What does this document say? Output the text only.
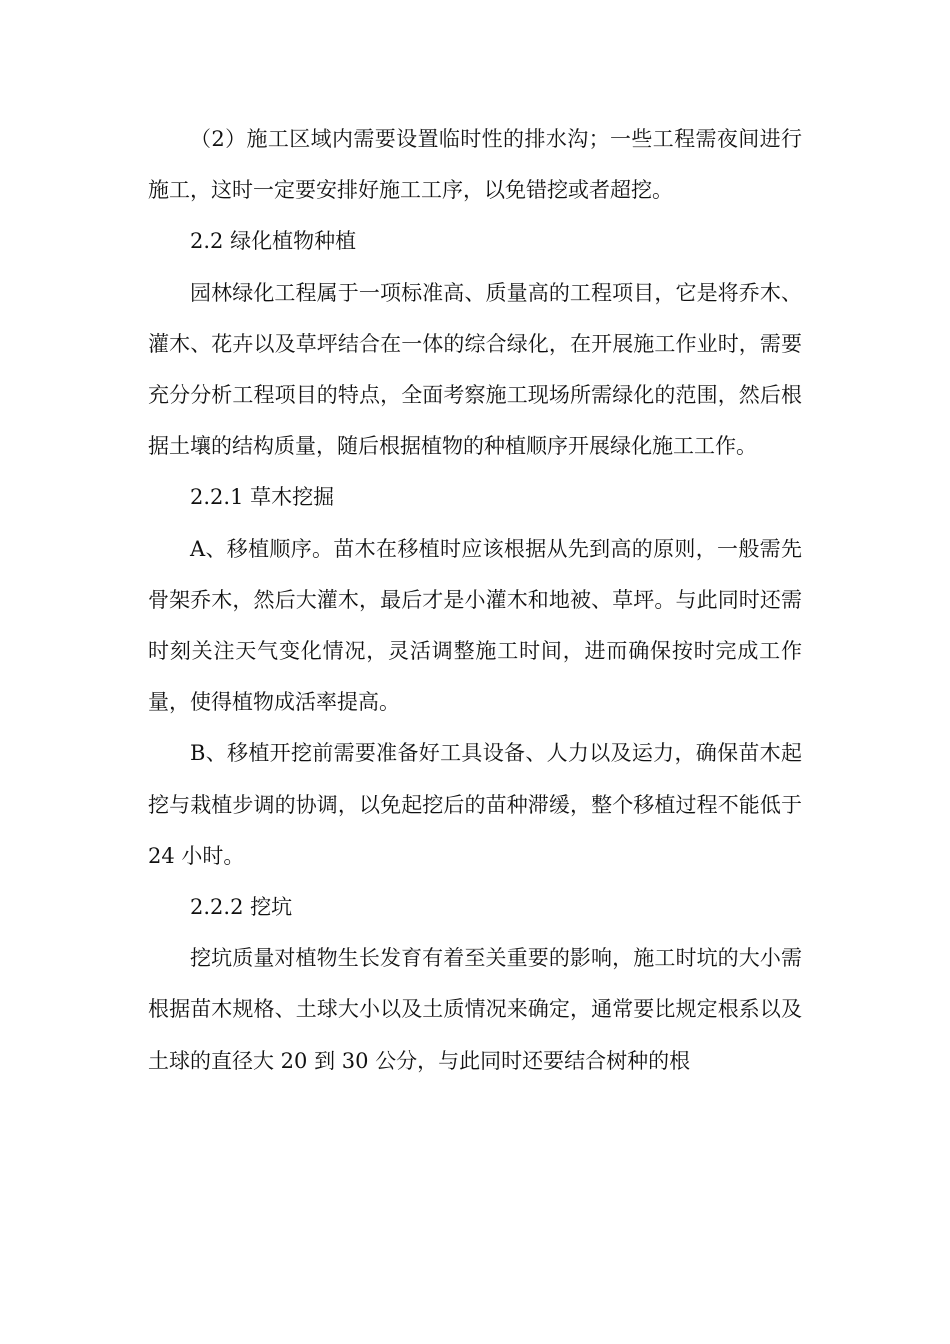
（2）施工区域内需要设置临时性的排水沟；一些工程需夜间进行施工，这时一定要安排好施工工序，以免错挖或者超挖。

2.2 绿化植物种植

园林绿化工程属于一项标准高、质量高的工程项目，它是将乔木、灌木、花卉以及草坪结合在一体的综合绿化，在开展施工作业时，需要充分分析工程项目的特点，全面考察施工现场所需绿化的范围，然后根据土壤的结构质量，随后根据植物的种植顺序开展绿化施工工作。

2.2.1 草木挖掘

A、移植顺序。苗木在移植时应该根据从先到高的原则，一般需先骨架乔木，然后大灌木，最后才是小灌木和地被、草坪。与此同时还需时刻关注天气变化情况，灵活调整施工时间，进而确保按时完成工作量，使得植物成活率提高。

B、移植开挖前需要准备好工具设备、人力以及运力，确保苗木起挖与栽植步调的协调，以免起挖后的苗种滞缓，整个移植过程不能低于 24 小时。

2.2.2 挖坑

挖坑质量对植物生长发育有着至关重要的影响，施工时坑的大小需根据苗木规格、土球大小以及土质情况来确定，通常要比规定根系以及土球的直径大 20 到 30 公分，与此同时还要结合树种的根
